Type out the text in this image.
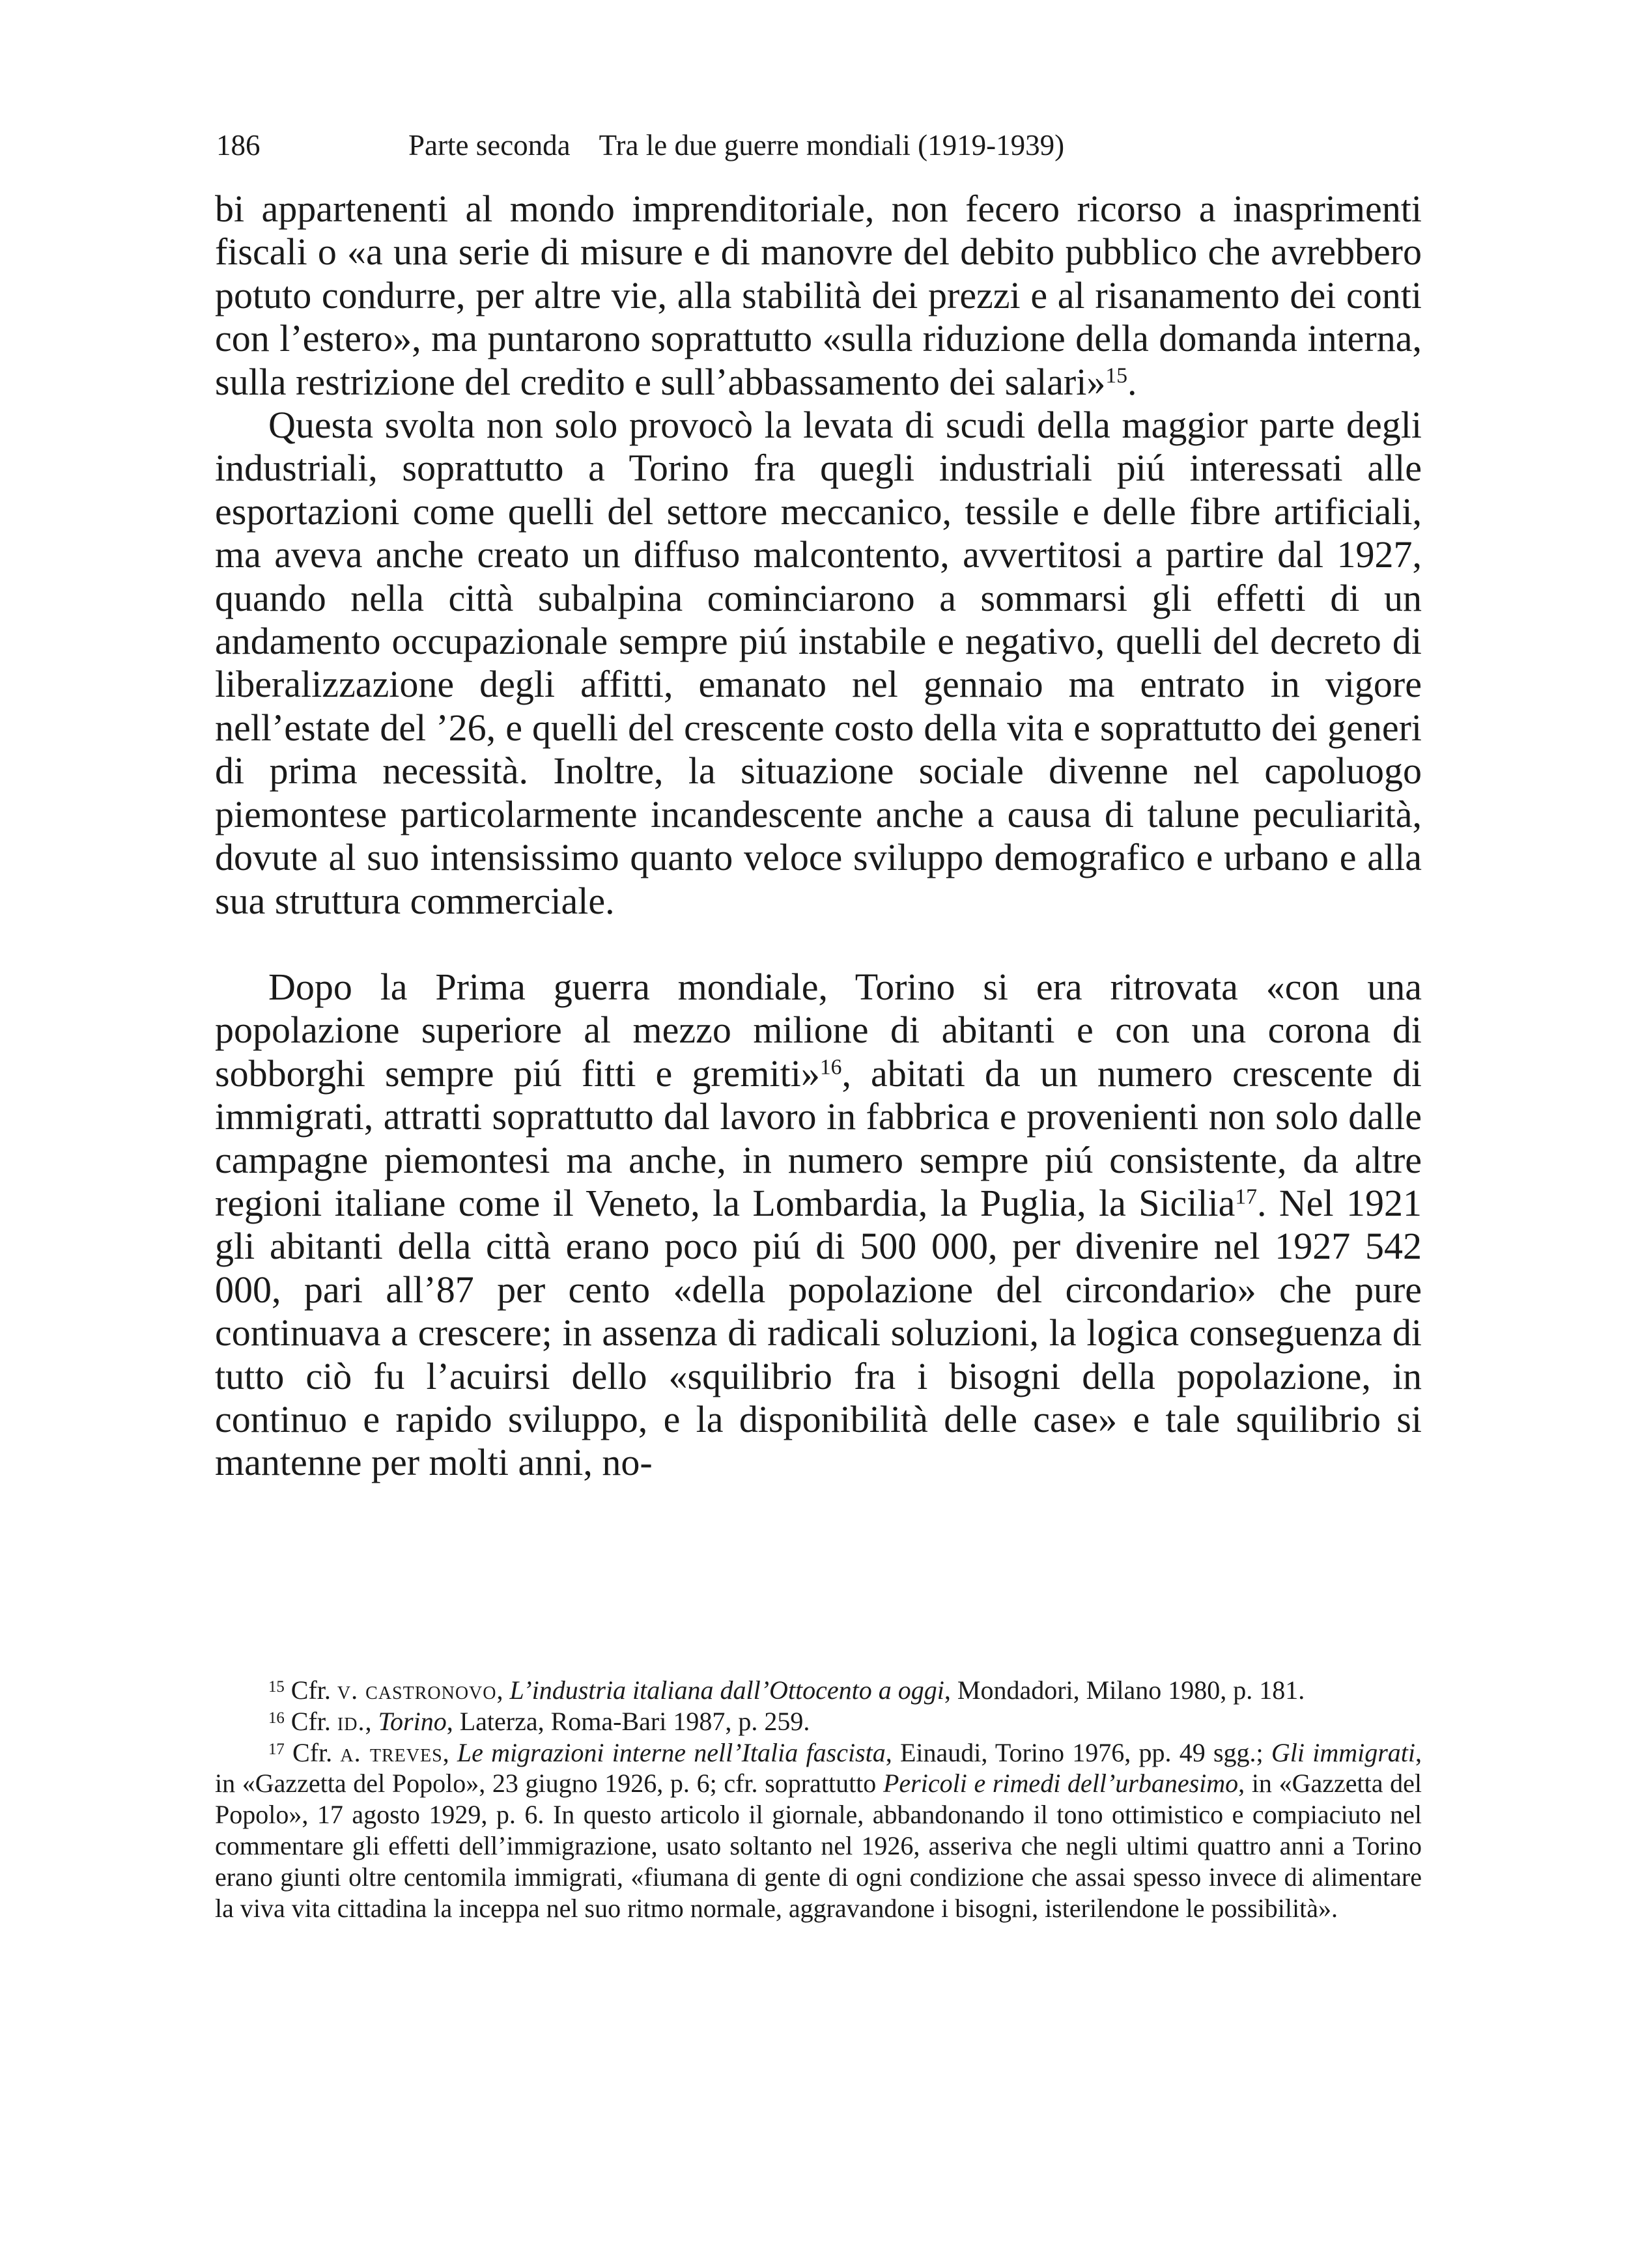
186	Parte seconda Tra le due guerre mondiali (1919-1939)

bi appartenenti al mondo imprenditoriale, non fecero ricorso a inasprimenti fiscali o «a una serie di misure e di manovre del debito pubblico che avrebbero potuto condurre, per altre vie, alla stabilità dei prezzi e al risanamento dei conti con l’estero», ma puntarono soprattutto «sulla riduzione della domanda interna, sulla restrizione del credito e sull’abbassamento dei salari»$^{15}$.

Questa svolta non solo provocò la levata di scudi della maggior parte degli industriali, soprattutto a Torino fra quegli industriali piú interessati alle esportazioni come quelli del settore meccanico, tessile e delle fibre artificiali, ma aveva anche creato un diffuso malcontento, avvertitosi a partire dal 1927, quando nella città subalpina cominciarono a sommarsi gli effetti di un andamento occupazionale sempre piú instabile e negativo, quelli del decreto di liberalizzazione degli affitti, emanato nel gennaio ma entrato in vigore nell’estate del ’26, e quelli del crescente costo della vita e soprattutto dei generi di prima necessità. Inoltre, la situazione sociale divenne nel capoluogo piemontese particolarmente incandescente anche a causa di talune peculiarità, dovute al suo intensissimo quanto veloce sviluppo demografico e urbano e alla sua struttura commerciale.

Dopo la Prima guerra mondiale, Torino si era ritrovata «con una popolazione superiore al mezzo milione di abitanti e con una corona di sobborghi sempre piú fitti e gremiti»$^{16}$, abitati da un numero crescente di immigrati, attratti soprattutto dal lavoro in fabbrica e provenienti non solo dalle campagne piemontesi ma anche, in numero sempre piú consistente, da altre regioni italiane come il Veneto, la Lombardia, la Puglia, la Sicilia$^{17}$. Nel 1921 gli abitanti della città erano poco piú di 500 000, per divenire nel 1927 542 000, pari all’87 per cento «della popolazione del circondario» che pure continuava a crescere; in assenza di radicali soluzioni, la logica conseguenza di tutto ciò fu l’acuirsi dello «squilibrio fra i bisogni della popolazione, in continuo e rapido sviluppo, e la disponibilità delle case» e tale squilibrio si mantenne per molti anni, no-

$^{15}$ Cfr. v. castronovo, L’industria italiana dall’Ottocento a oggi, Mondadori, Milano 1980, p. 181.

$^{16}$ Cfr. id., Torino, Laterza, Roma-Bari 1987, p. 259.

$^{17}$ Cfr. a. treves, Le migrazioni interne nell’Italia fascista, Einaudi, Torino 1976, pp. 49 sgg.; Gli immigrati, in «Gazzetta del Popolo», 23 giugno 1926, p. 6; cfr. soprattutto Pericoli e rimedi dell’urbanesimo, in «Gazzetta del Popolo», 17 agosto 1929, p. 6. In questo articolo il giornale, abbandonando il tono ottimistico e compiaciuto nel commentare gli effetti dell’immigrazione, usato soltanto nel 1926, asseriva che negli ultimi quattro anni a Torino erano giunti oltre centomila immigrati, «fiumana di gente di ogni condizione che assai spesso invece di alimentare la viva vita cittadina la inceppa nel suo ritmo normale, aggravandone i bisogni, isterilendone le possibilità».
